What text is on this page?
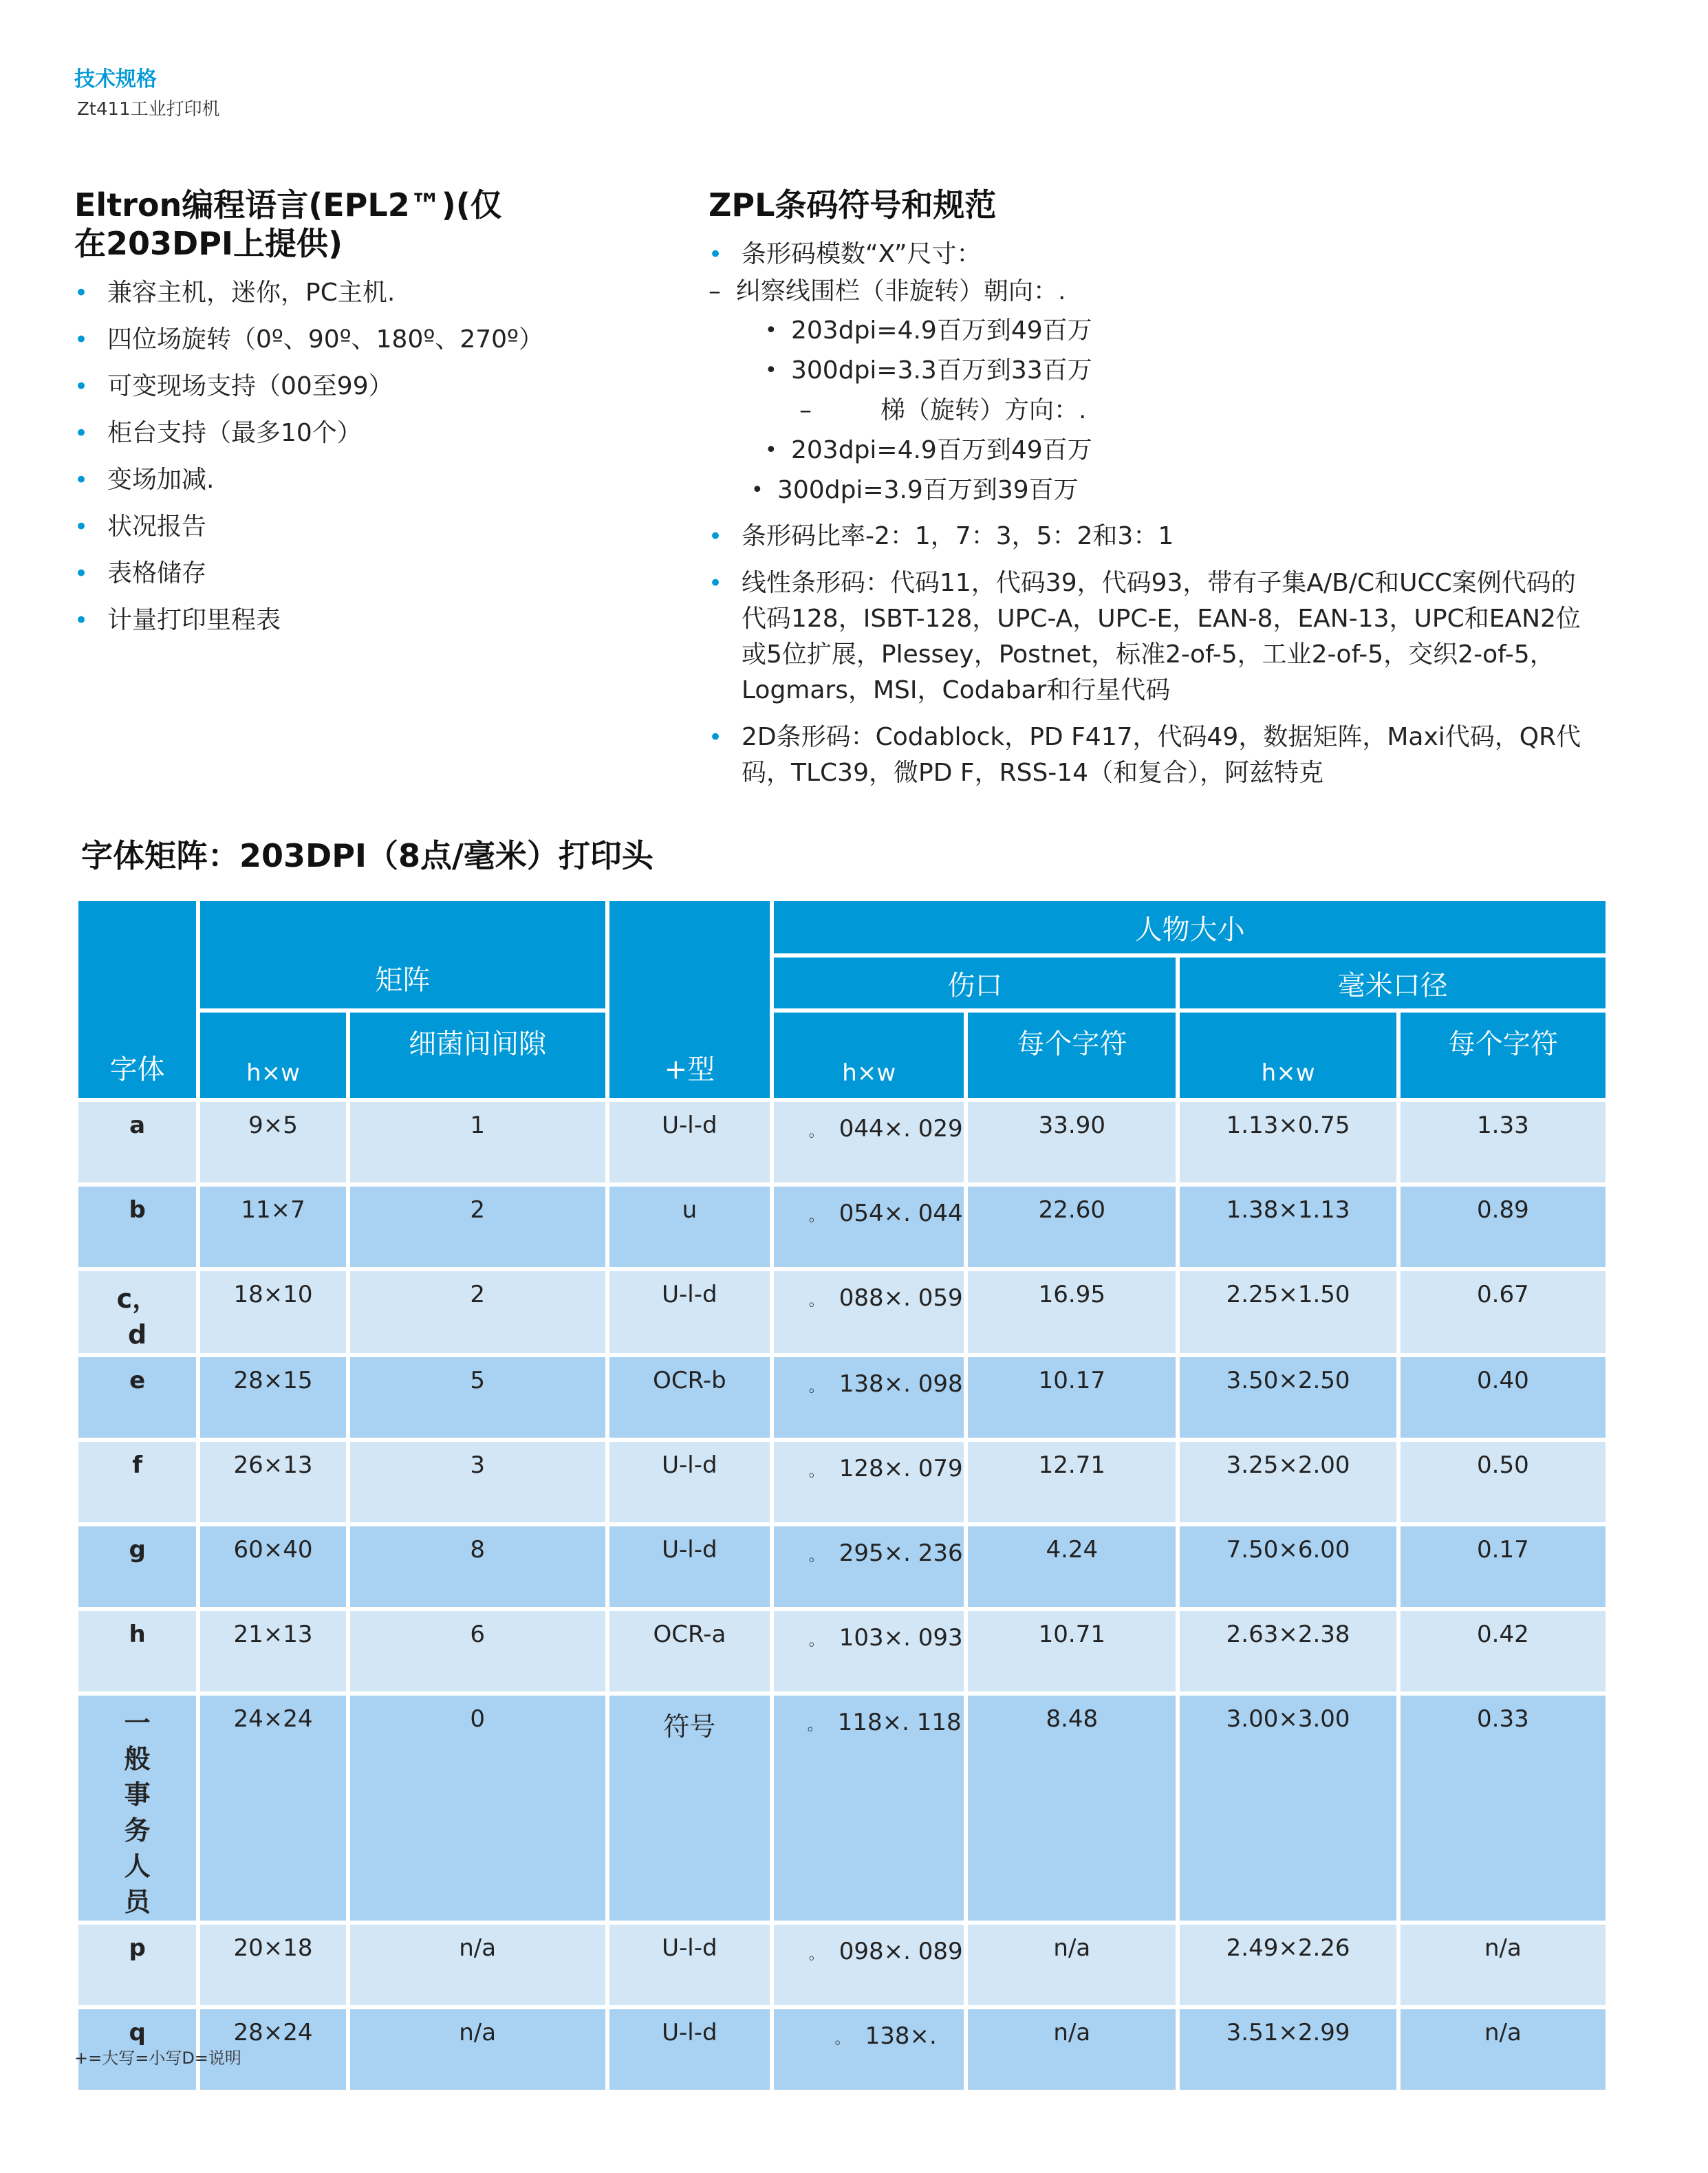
技术规格
Zt411工业打印机
Eltron编程语言(EPL2™)(仅
在203DPI上提供)
• 兼容主机，迷你，PC主机.
• 四位场旋转（0º、90º、180º、270º）
• 可变现场支持（00至99）
• 柜台支持（最多10个）
• 变场加减.
• 状况报告
• 表格储存
• 计量打印里程表
ZPL条码符号和规范
• 条形码模数“X”尺寸：
– 纠察线围栏（非旋转）朝向：.
• 203dpi=4.9百万到49百万
• 300dpi=3.3百万到33百万
–	梯（旋转）方向：.
• 203dpi=4.9百万到49百万
• 300dpi=3.9百万到39百万
• 条形码比率-2：1，7：3，5：2和3：1
• 线性条形码：代码11，代码39，代码93，带有子集A/B/C和UCC案例代码的代码128，ISBT-128，UPC-A，UPC-E，EAN-8，EAN-13，UPC和EAN2位或5位扩展，Plessey，Postnet，标准2-of-5，工业2-of-5，交织2-of-5，Logmars，MSI，Codabar和行星代码
• 2D条形码：Codablock，PD F417，代码49，数据矩阵，Maxi代码，QR代码，TLC39，微PD F，RSS-14（和复合），阿兹特克
字体矩阵：203DPI（8点/毫米）打印头
字体	矩阵		+型	人物大小			
				伤口		毫米口径	
	h×w	细菌间间隙		h×w	每个字符	h×w	每个字符
a	9×5	1	U-l-d	。 044×. 029	33.90	1.13×0.75	1.33
b	11×7	2	u	。 054×. 044	22.60	1.38×1.13	0.89
c，d	18×10	2	U-l-d	。 088×. 059	16.95	2.25×1.50	0.67
e	28×15	5	OCR-b	。 138×. 098	10.17	3.50×2.50	0.40
f	26×13	3	U-l-d	。 128×. 079	12.71	3.25×2.00	0.50
g	60×40	8	U-l-d	。 295×. 236	4.24	7.50×6.00	0.17
h	21×13	6	OCR-a	。 103×. 093	10.71	2.63×2.38	0.42
一般事务人员	24×24	0	符号	。 118×. 118	8.48	3.00×3.00	0.33
p	20×18	n/a	U-l-d	。 098×. 089	n/a	2.49×2.26	n/a
q	28×24	n/a	U-l-d	。 138×.	n/a	3.51×2.99	n/a
+=大写=小写D=说明
